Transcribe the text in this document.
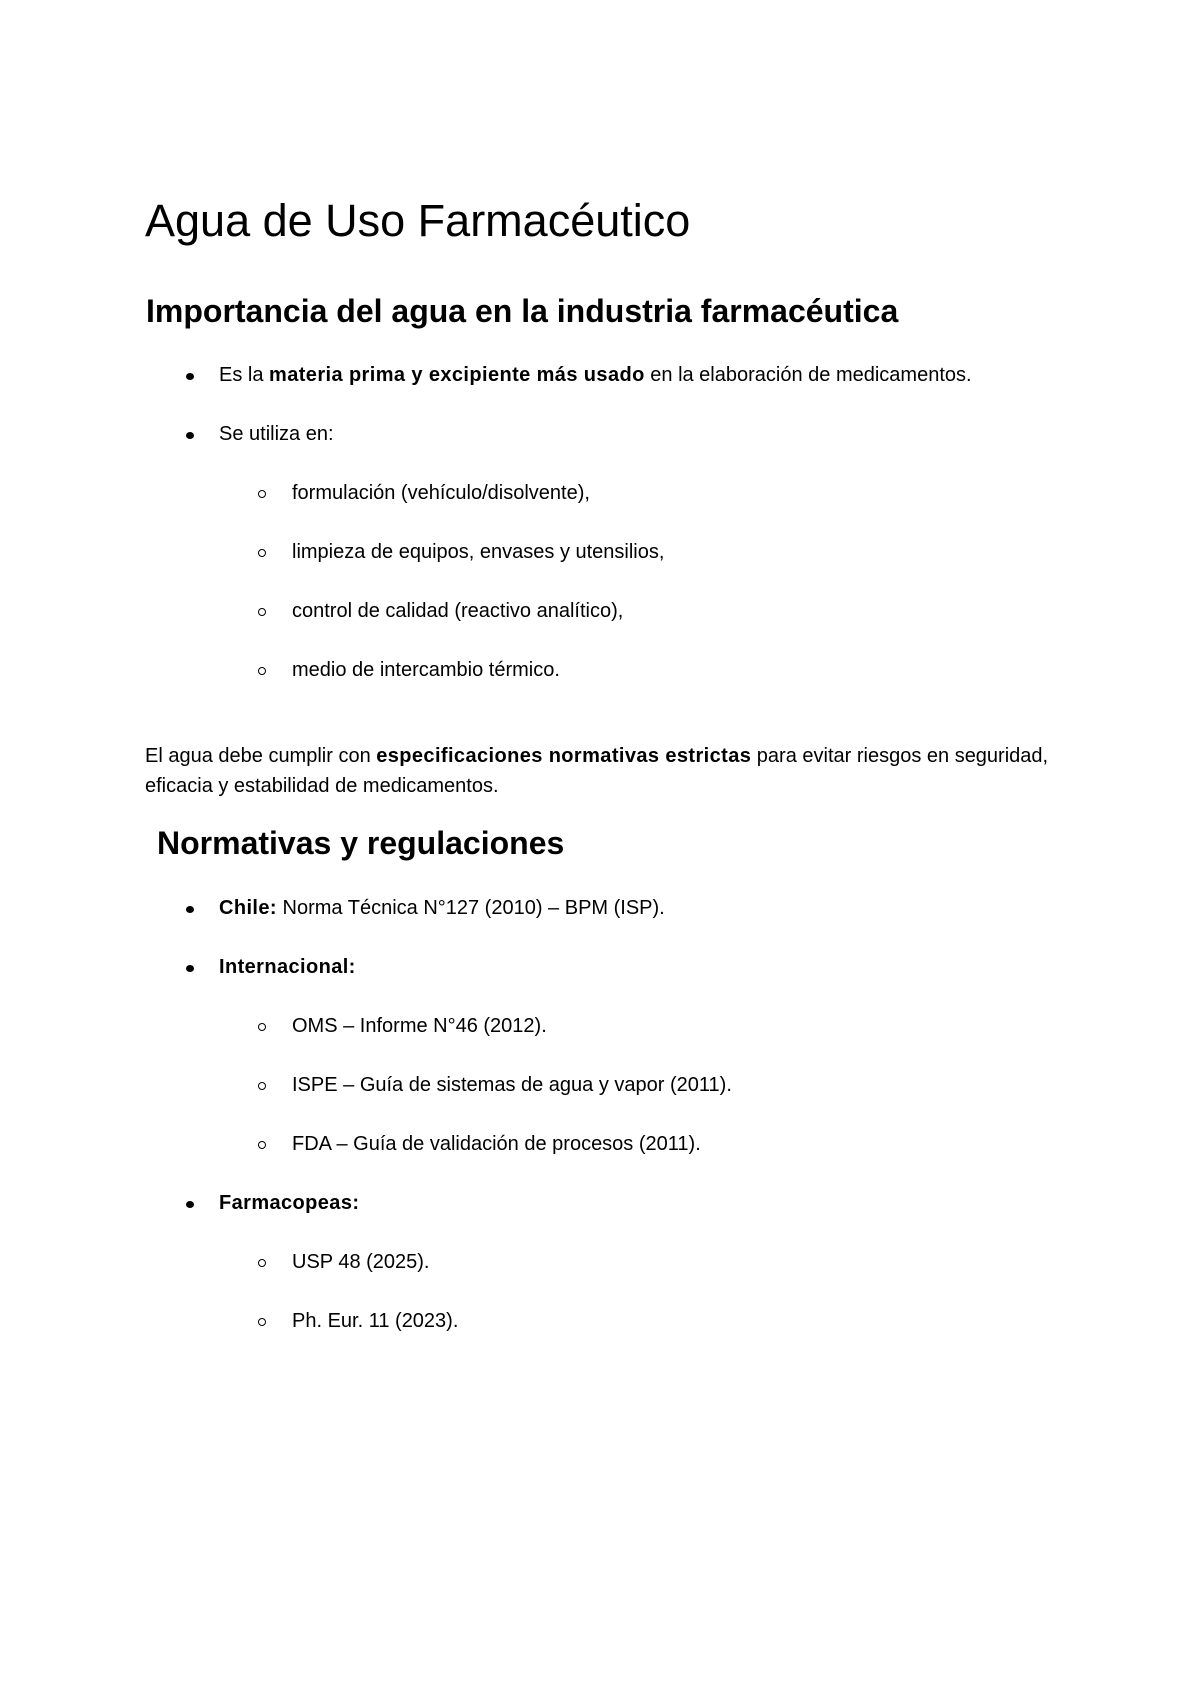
Agua de Uso Farmacéutico
Importancia del agua en la industria farmacéutica
Es la materia prima y excipiente más usado en la elaboración de medicamentos.
Se utiliza en:
formulación (vehículo/disolvente),
limpieza de equipos, envases y utensilios,
control de calidad (reactivo analítico),
medio de intercambio térmico.

El agua debe cumplir con especificaciones normativas estrictas para evitar riesgos en seguridad, eficacia y estabilidad de medicamentos.

Normativas y regulaciones
Chile: Norma Técnica N°127 (2010) – BPM (ISP).
Internacional:
OMS – Informe N°46 (2012).
ISPE – Guía de sistemas de agua y vapor (2011).
FDA – Guía de validación de procesos (2011).
Farmacopeas:
USP 48 (2025).
Ph. Eur. 11 (2023).
